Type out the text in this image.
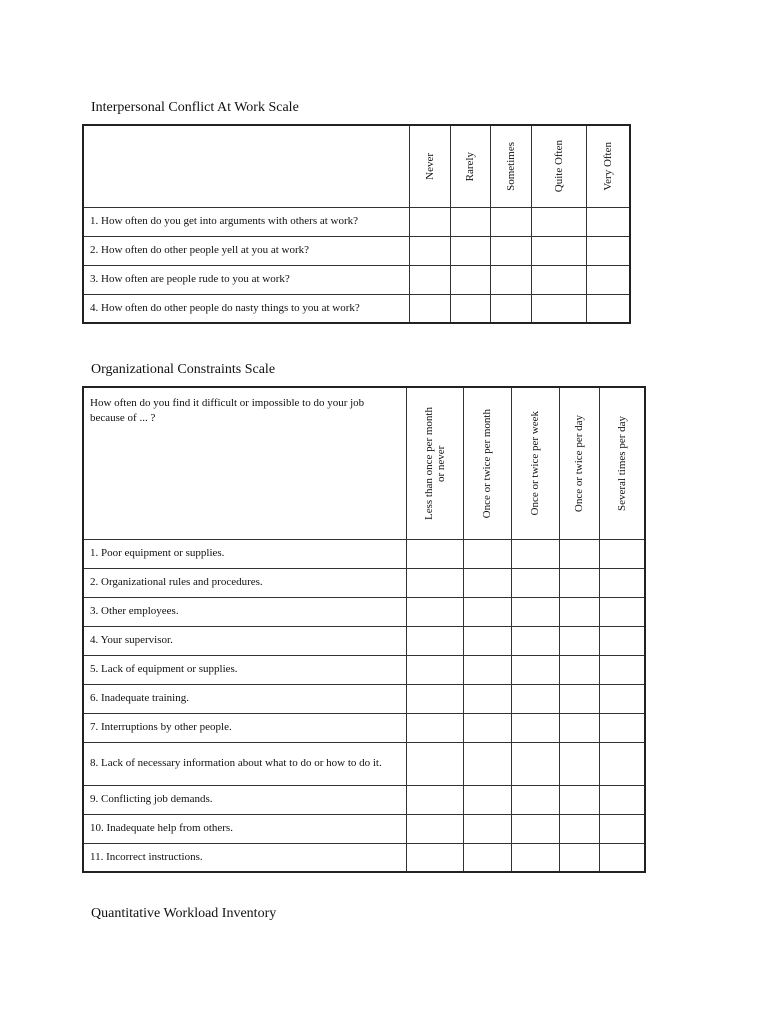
Interpersonal Conflict At Work Scale

	Never	Rarely	Sometimes	Quite Often	Very Often

1. How often do you get into arguments with others at work?					
2. How often do other people yell at you at work?					
3. How often are people rude to you at work?					
4. How often do other people do nasty things to you at work?					
Organizational Constraints Scale
How often do you find it difficult or impossible to do your job because of ... ?	Less than once per month
or never	Once or twice per month	Once or twice per week	Once or twice per day	Several times per day

1. Poor equipment or supplies.					
2. Organizational rules and procedures.					
3. Other employees.					
4. Your supervisor.					
5. Lack of equipment or supplies.					
6. Inadequate training.					
7. Interruptions by other people.					
8. Lack of necessary information about what to do or how to do it.					
9. Conflicting job demands.					
10. Inadequate help from others.					
11. Incorrect instructions.					
Quantitative Workload Inventory
